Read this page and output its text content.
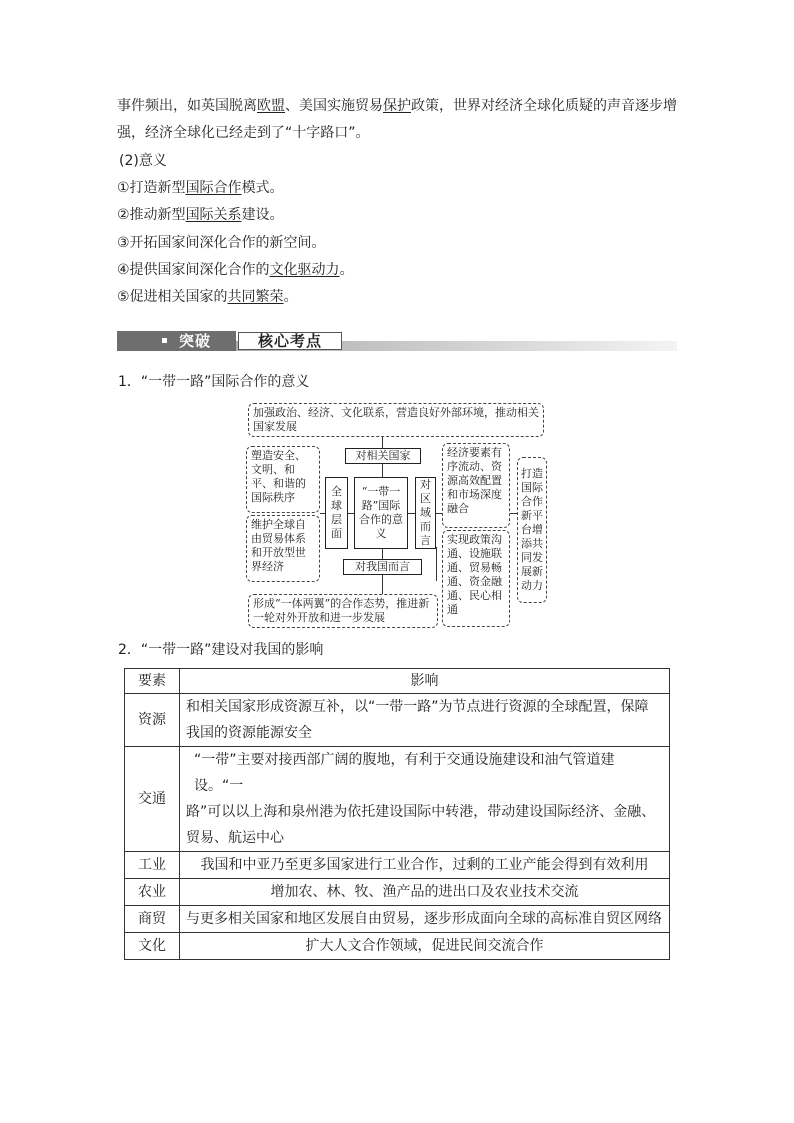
事件频出，如英国脱离欧盟、美国实施贸易保护政策，世界对经济全球化质疑的声音逐步增
强，经济全球化已经走到了“十字路口”。
(2)意义
①打造新型国际合作模式。
②推动新型国际关系建设。
③开拓国家间深化合作的新空间。
④提供国家间深化合作的文化驱动力。
⑤促进相关国家的共同繁荣。
突破	核心考点
1．“一带一路”国际合作的意义
加强政治、经济、文化联系，营造良好外部环境，推动相关国家发展
塑造安全、文明、和平、和谐的国际秩序
维护全球自由贸易体系和开放型世界经济
全球层面
对相关国家
“一带一路”国际合作的意义
对我国而言
对区域而言
经济要素有序流动、资源高效配置和市场深度融合
实现政策沟通、设施联通、贸易畅通、资金融通、民心相通
打造国际合作新平台增添共同发展新动力
形成“一体两翼”的合作态势，推进新一轮对外开放和进一步发展
2．“一带一路”建设对我国的影响
要素	影响
资源	和相关国家形成资源互补，以“一带一路”为节点进行资源的全球配置，保障
我国的资源能源安全

交通	“一带”主要对接西部广阔的腹地，有利于交通设施建设和油气管道建设。“一
路”可以以上海和泉州港为依托建设国际中转港，带动建设国际经济、金融、
贸易、航运中心

工业	我国和中亚乃至更多国家进行工业合作，过剩的工业产能会得到有效利用
农业	增加农、林、牧、渔产品的进出口及农业技术交流
商贸	与更多相关国家和地区发展自由贸易，逐步形成面向全球的高标准自贸区网络
文化	扩大人文合作领域，促进民间交流合作
